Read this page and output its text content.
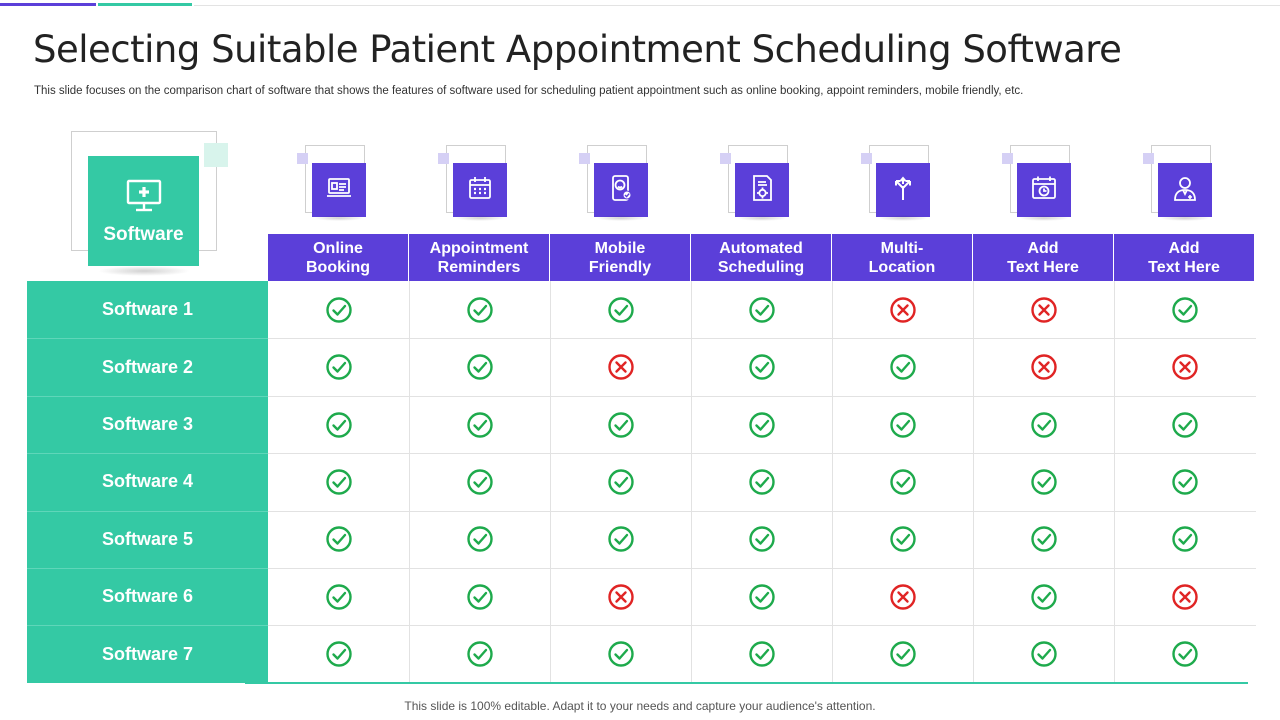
Selecting Suitable Patient Appointment Scheduling Software

This slide focuses on the comparison chart of software that shows the features of software used for scheduling patient appointment such as online booking, appoint reminders, mobile friendly, etc.

Software
Online
Booking
Appointment
Reminders
Mobile
Friendly
Automated
Scheduling
Multi-
Location
Add
Text Here
Add
Text Here
Software 1
Software 2
Software 3
Software 4
Software 5
Software 6
Software 7

This slide is 100% editable. Adapt it to your needs and capture your audience's attention.
